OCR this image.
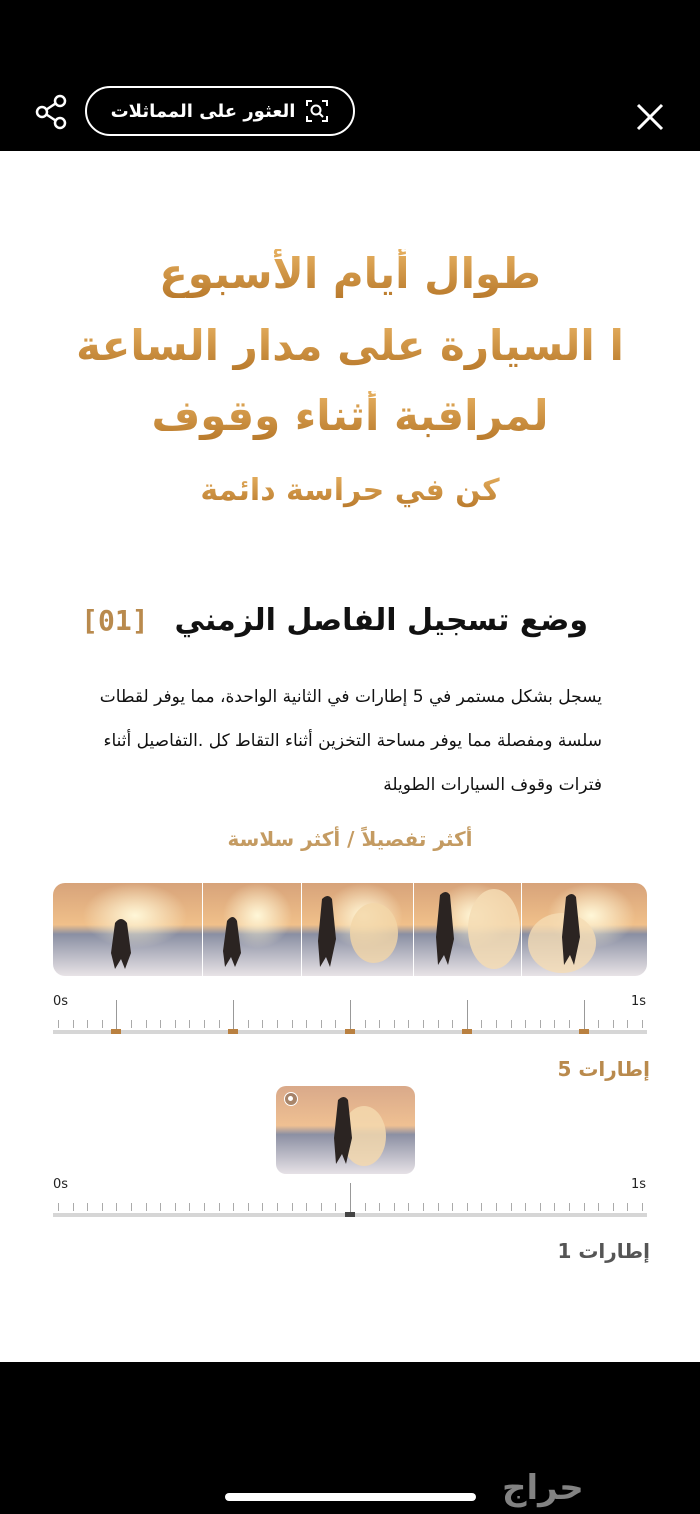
العثور على المماثلات
طوال أيام الأسبوع
ا السيارة على مدار الساعة
لمراقبة أثناء وقوف
كن في حراسة دائمة
وضع تسجيل الفاصل الزمني
[01]
يسجل بشكل مستمر في 5 إطارات في الثانية الواحدة، مما يوفر لقطات سلسة ومفصلة مما يوفر مساحة التخزين أثناء التقاط كل .التفاصيل أثناء فترات وقوف السيارات الطويلة
أكثر تفصيلاً / أكثر سلاسة
0s	1s
إطارات 5
0s	1s
إطارات 1
حراج
